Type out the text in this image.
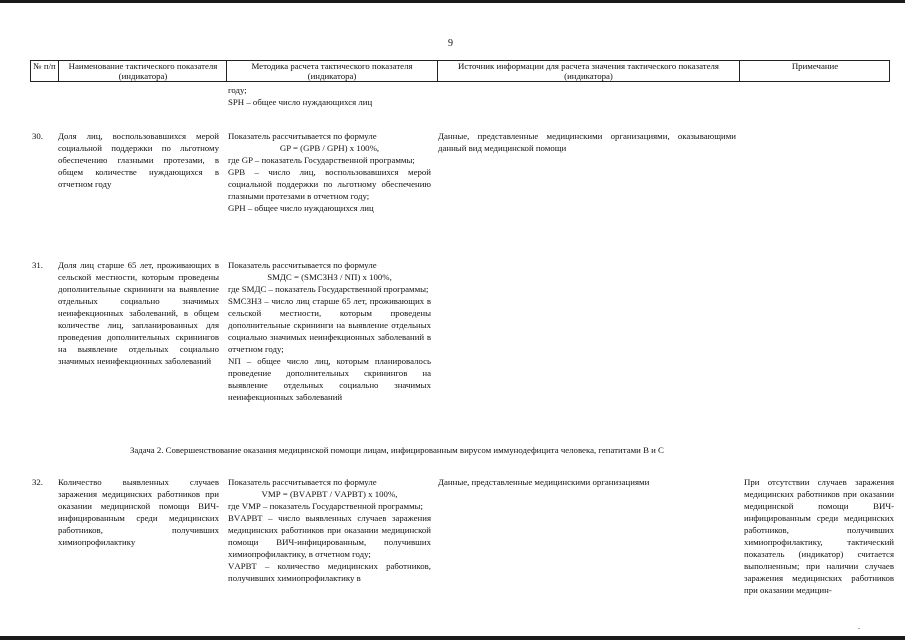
9
№ п/п	Наименование тактического показателя (индикатора)
Методика расчета тактического показателя (индикатора)
Источник информации для расчета значения тактического показателя (индикатора)
Примечание

году;

SPН – общее число нуждающихся лиц

30. Доля лиц, воспользовавшихся мерой социальной поддержки по льготному обеспечению глазными протезами, в общем количестве нуждающихся в отчетном году

Показатель рассчитывается по формуле

GP = (GPВ / GPН) x 100%,

где GP – показатель Государственной программы;

GPВ – число лиц, воспользовавшихся мерой социальной поддержки по льготному обеспечению глазными протезами в отчетном году;

GPН – общее число нуждающихся лиц

Данные, представленные медицинскими организациями, оказывающими данный вид медицинской помощи
31. Доля лиц старше 65 лет, проживающих в сельской местности, которым проведены дополнительные скрининги на выявление отдельных социально значимых неинфекционных заболеваний, в общем количестве лиц, запланированных для проведения дополнительных скринингов на выявление отдельных социально значимых неинфекционных заболеваний

Показатель рассчитывается по формуле

SMДС = (SMСЗНЗ / NП) x 100%,

где SMДС – показатель Государственной программы;

SMСЗНЗ – число лиц старше 65 лет, проживающих в сельской местности, которым проведены дополнительные скрининги на выявление отдельных социально значимых неинфекционных заболеваний в отчетном году;

NП – общее число лиц, которым планировалось проведение дополнительных скринингов на выявление отдельных социально значимых неинфекционных заболеваний

Задача 2. Совершенствование оказания медицинской помощи лицам, инфицированным вирусом иммунодефицита человека, гепатитами В и С
32. Количество выявленных случаев заражения медицинских работников при оказании медицинской помощи ВИЧ-инфицированным среди медицинских работников, получивших химиопрофилактику

Показатель рассчитывается по формуле

VМР = (BVАРВТ / VАРВТ) x 100%,

где VМР – показатель Государственной программы;

BVАРВТ – число выявленных случаев заражения медицинских работников при оказании медицинской помощи ВИЧ-инфицированным, получивших химиопрофилактику, в отчетном году;

VАРВТ – количество медицинских работников, получивших химиопрофилактику в

Данные, представленные медицинскими организациями	При отсутствии случаев заражения медицинских работников при оказании медицинской помощи ВИЧ-инфицированным среди медицинских работников, получивших химиопрофилактику, тактический показатель (индикатор) считается выполненным; при наличии случаев заражения медицинских работников при оказании медицин-
.
